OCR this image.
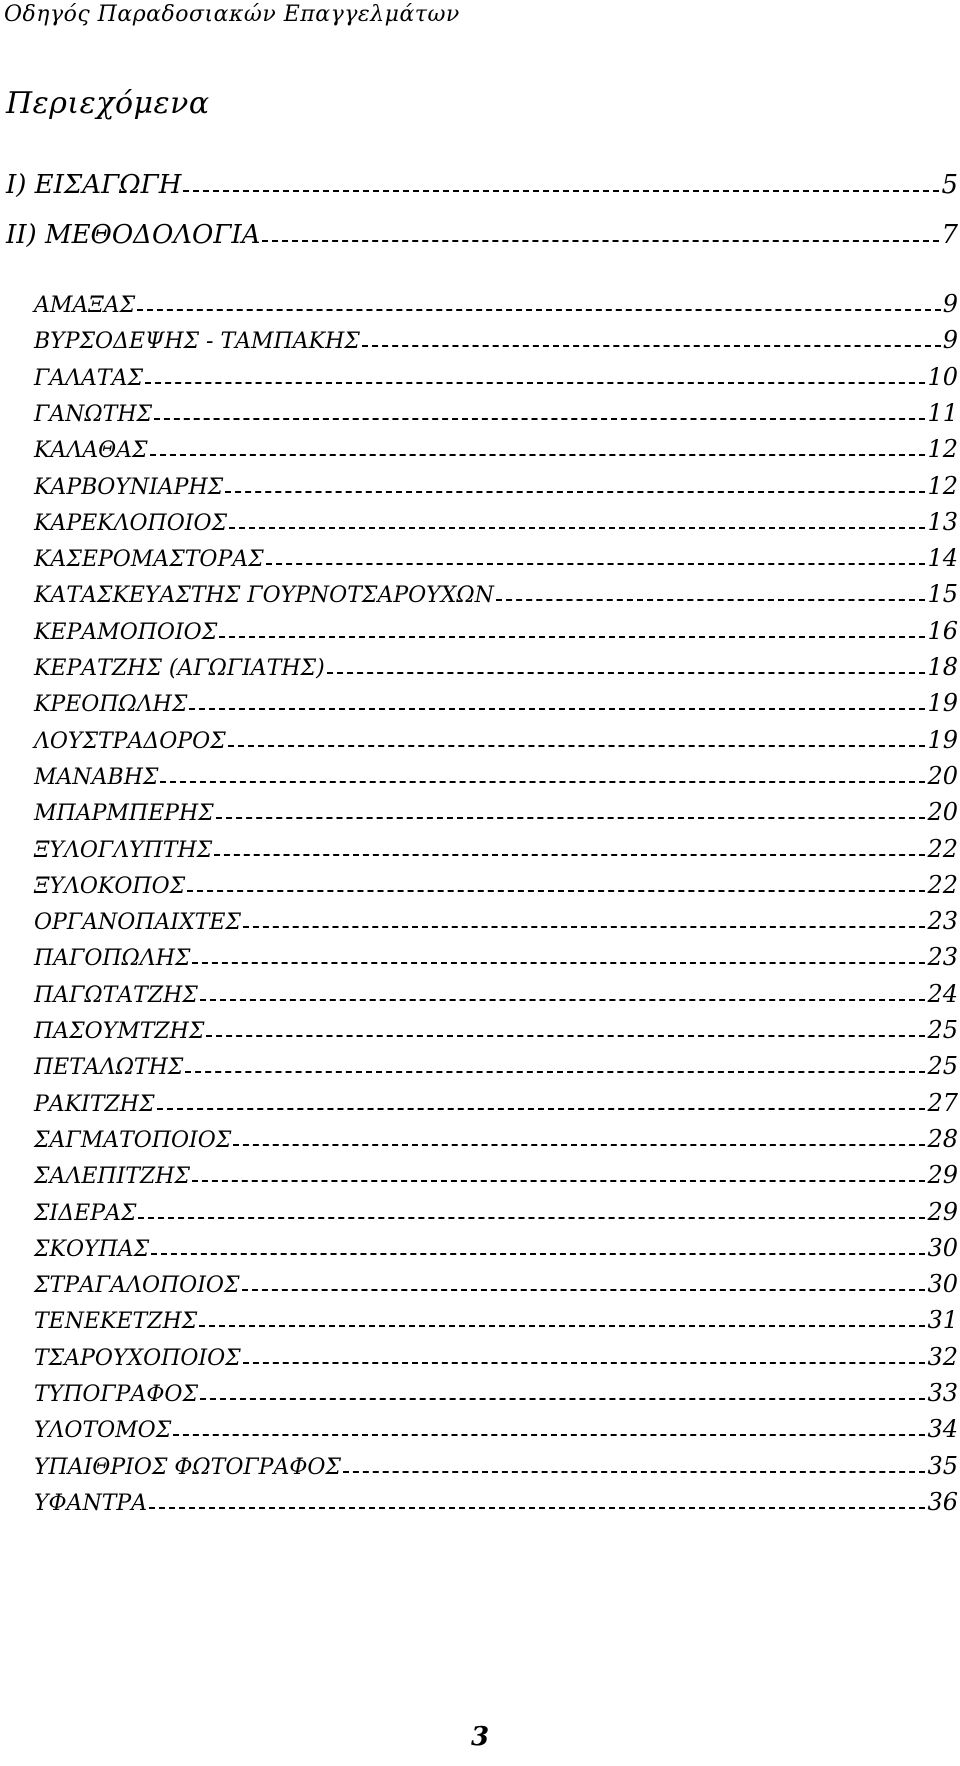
Οδηγός Παραδοσιακών Επαγγελμάτων
Περιεχόμενα
Ι) ΕΙΣΑΓΩΓΗ	5
ΙΙ) ΜΕΘΟΔΟΛΟΓΙΑ	7
ΑΜΑΞΑΣ	9
ΒΥΡΣΟΔΕΨΗΣ - ΤΑΜΠΑΚΗΣ	9
ΓΑΛΑΤΑΣ	10
ΓΑΝΩΤΗΣ	11
ΚΑΛΑΘΑΣ	12
ΚΑΡΒΟΥΝΙΑΡΗΣ	12
ΚΑΡΕΚΛΟΠΟΙΟΣ	13
ΚΑΣΕΡΟΜΑΣΤΟΡΑΣ	14
ΚΑΤΑΣΚΕΥΑΣΤΗΣ ΓΟΥΡΝΟΤΣΑΡΟΥΧΩΝ	15
ΚΕΡΑΜΟΠΟΙΟΣ	16
ΚΕΡΑΤΖΗΣ (ΑΓΩΓΙΑΤΗΣ)	18
ΚΡΕΟΠΩΛΗΣ	19
ΛΟΥΣΤΡΑΔΟΡΟΣ	19
ΜΑΝΑΒΗΣ	20
ΜΠΑΡΜΠΕΡΗΣ	20
ΞΥΛΟΓΛΥΠΤΗΣ	22
ΞΥΛΟΚΟΠΟΣ	22
ΟΡΓΑΝΟΠΑΙΧΤΕΣ	23
ΠΑΓΟΠΩΛΗΣ	23
ΠΑΓΩΤΑΤΖΗΣ	24
ΠΑΣΟΥΜΤΖΗΣ	25
ΠΕΤΑΛΩΤΗΣ	25
ΡΑΚΙΤΖΗΣ	27
ΣΑΓΜΑΤΟΠΟΙΟΣ	28
ΣΑΛΕΠΙΤΖΗΣ	29
ΣΙΔΕΡΑΣ	29
ΣΚΟΥΠΑΣ	30
ΣΤΡΑΓΑΛΟΠΟΙΟΣ	30
ΤΕΝΕΚΕΤΖΗΣ	31
ΤΣΑΡΟΥΧΟΠΟΙΟΣ	32
ΤΥΠΟΓΡΑΦΟΣ	33
ΥΛΟΤΟΜΟΣ	34
ΥΠΑΙΘΡΙΟΣ ΦΩΤΟΓΡΑΦΟΣ	35
ΥΦΑΝΤΡΑ	36
3
